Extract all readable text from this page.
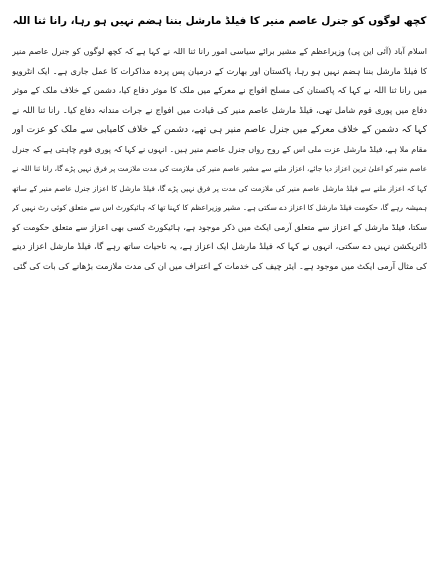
کچھ لوگوں کو جنرل عاصم منیر کا فیلڈ مارشل بننا ہضم نہیں ہو رہا، رانا ثنا اللہ
اسلام آباد (آئی این پی) وزیراعظم کے مشیر برائے سیاسی امور رانا ثنا اللہ نے کہا ہے کہ کچھ لوگوں کو جنرل عاصم منیر
کا فیلڈ مارشل بننا ہضم نہیں ہو رہا، پاکستان اور بھارت کے درمیان پس پردہ مذاکرات کا عمل جاری ہے۔ ایک انٹرویو
میں رانا ثنا اللہ نے کہا کہ پاکستان کی مسلح افواج نے معرکے میں ملک کا موثر دفاع کیا، دشمن کے خلاف ملک کے موثر
دفاع میں پوری قوم شامل تھی، فیلڈ مارشل عاصم منیر کی قیادت میں افواج نے جرات مندانہ دفاع کیا۔ رانا ثنا اللہ نے
کہا کہ دشمن کے خلاف معرکے میں جنرل عاصم منیر ہی تھے، دشمن کے خلاف کامیابی سے ملک کو عزت اور
مقام ملا ہے، فیلڈ مارشل عزت ملی اس کے روح رواں جنرل عاصم منیر ہیں۔ انہوں نے کہا کہ پوری قوم چاہتی ہے کہ جنرل
عاصم منیر کو اعلیٰ ترین اعزاز دیا جائے، اعزاز ملنے سے مشیر عاصم منیر کی ملازمت کی مدت ملازمت پر فرق نہیں پڑے گا، رانا ثنا اللہ نے
کہا کہ اعزاز ملنے سے فیلڈ مارشل عاصم منیر کی ملازمت کی مدت پر فرق نہیں پڑے گا، فیلڈ مارشل کا اعزاز جنرل عاصم منیر کے ساتھ
ہمیشہ رہے گا، حکومت فیلڈ مارشل کا اعزاز دے سکتی ہے۔ مشیر وزیراعظم کا کہنا تھا کہ ہائیکورٹ اس سے متعلق کوئی رٹ نہیں کر
سکتا، فیلڈ مارشل کے اعزاز سے متعلق آرمی ایکٹ میں ذکر موجود ہے، ہائیکورٹ کسی بھی اعزاز سے متعلق حکومت کو
ڈائریکشن نہیں دے سکتی، انہوں نے کہا کہ فیلڈ مارشل ایک اعزاز ہے، یہ تاحیات ساتھ رہے گا، فیلڈ مارشل اعزاز دینے
کی مثال آرمی ایکٹ میں موجود ہے۔ ایئر چیف کی خدمات کے اعتراف میں ان کی مدت ملازمت بڑھانے کی بات کی گئی
